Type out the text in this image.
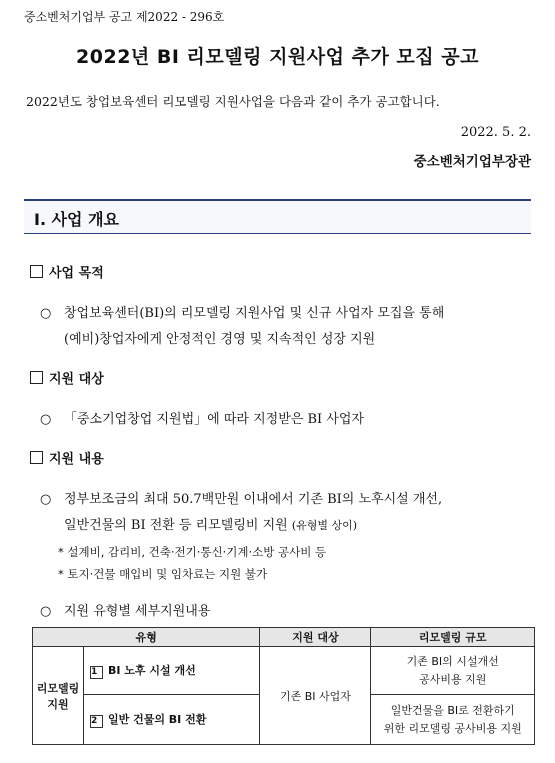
중소벤처기업부 공고 제2022 - 296호
2022년 BI 리모델링 지원사업 추가 모집 공고
2022년도 창업보육센터 리모델링 지원사업을 다음과 같이 추가 공고합니다.
2022. 5. 2.
중소벤처기업부장관
Ⅰ. 사업 개요
사업 목적
○ 창업보육센터(BI)의 리모델링 지원사업 및 신규 사업자 모집을 통해
(예비)창업자에게 안정적인 경영 및 지속적인 성장 지원
지원 대상
○ 「중소기업창업 지원법」에 따라 지정받은 BI 사업자
지원 내용
○ 정부보조금의 최대 50.7백만원 이내에서 기존 BI의 노후시설 개선,
일반건물의 BI 전환 등 리모델링비 지원 (유형별 상이)
* 설계비, 감리비, 건축·전기·통신·기계·소방 공사비 등
* 토지·건물 매입비 및 임차료는 지원 불가
○ 지원 유형별 세부지원내용
유형		지원 대상	리모델링 규모
리모델링
지원	1 BI 노후 시설 개선	기존 BI 사업자	기존 BI의 시설개선
공사비용 지원
	2 일반 건물의 BI 전환		일반건물을 BI로 전환하기
위한 리모델링 공사비용 지원
